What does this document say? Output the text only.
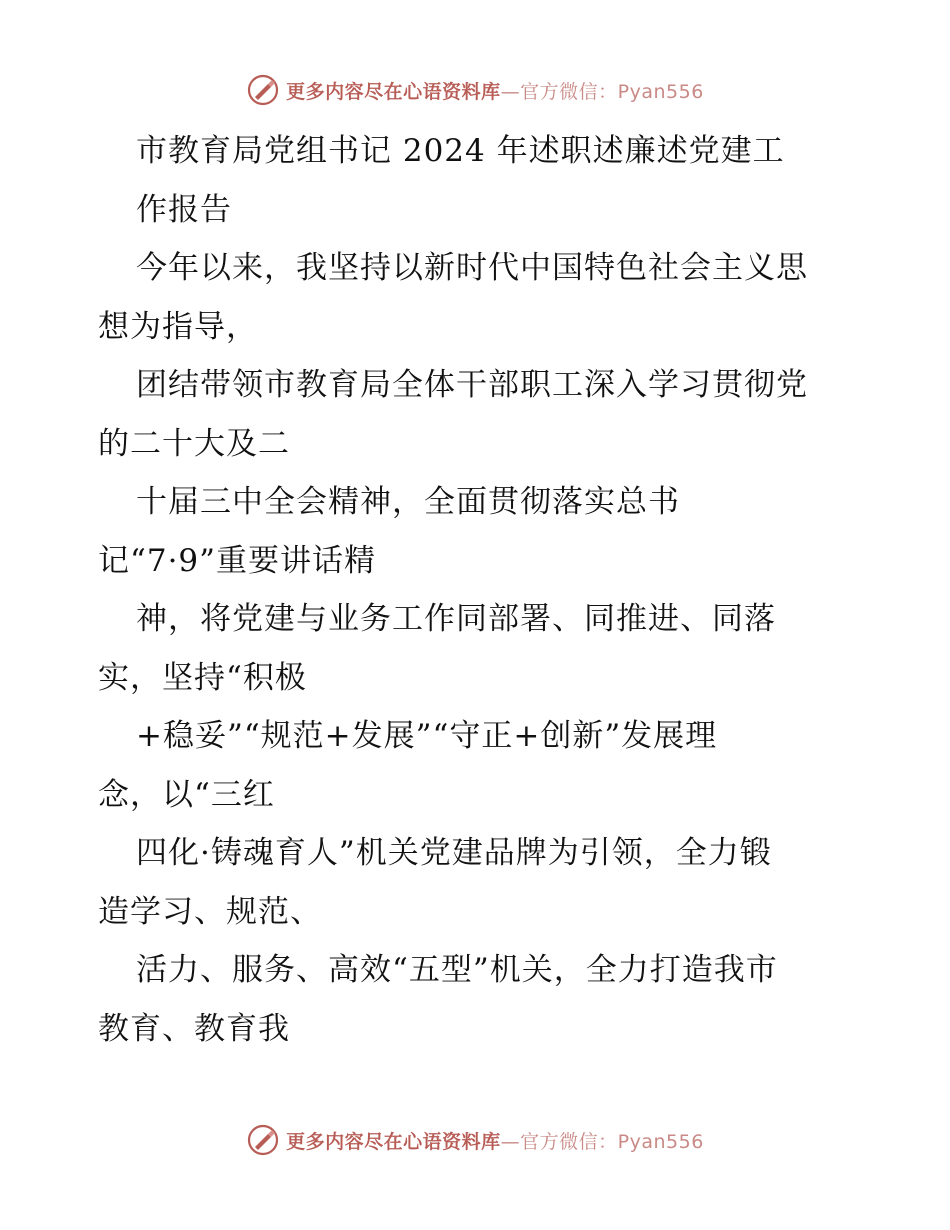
更多内容尽在心语资料库—官方微信：Pyan556
市教育局党组书记 2024 年述职述廉述党建工
作报告
今年以来，我坚持以新时代中国特色社会主义思
想为指导，
团结带领市教育局全体干部职工深入学习贯彻党
的二十大及二
十届三中全会精神，全面贯彻落实总书
记“7·9”重要讲话精
神，将党建与业务工作同部署、同推进、同落
实，坚持“积极
+稳妥”“规范+发展”“守正+创新”发展理
念，以“三红
四化·铸魂育人”机关党建品牌为引领，全力锻
造学习、规范、
活力、服务、高效“五型”机关，全力打造我市
教育、教育我
更多内容尽在心语资料库—官方微信：Pyan556
